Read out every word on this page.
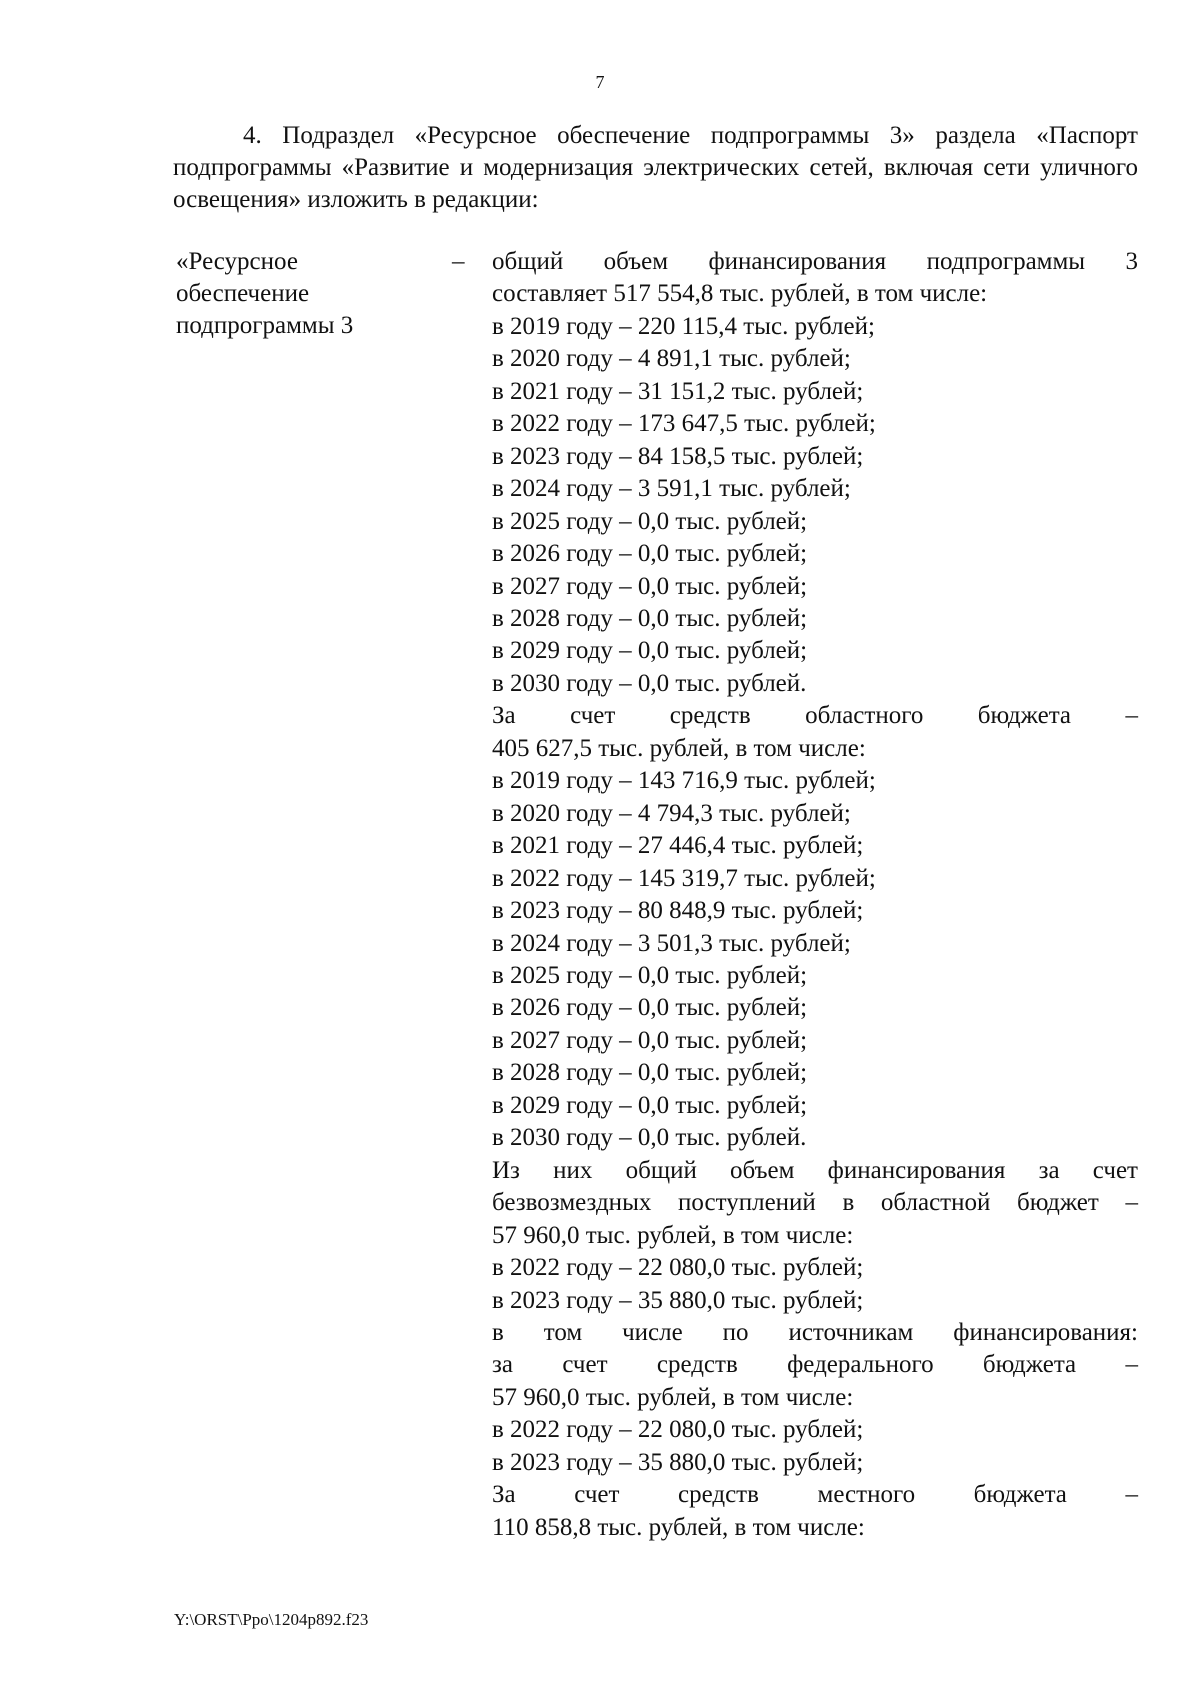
7
4. Подраздел «Ресурсное обеспечение подпрограммы 3» раздела «Паспорт подпрограммы «Развитие и модернизация электрических сетей, включая сети уличного освещения» изложить в редакции:
«Ресурсное
обеспечение
подпрограммы 3
–	общий объем финансирования подпрограммы 3
составляет 517 554,8 тыс. рублей, в том числе:
в 2019 году – 220 115,4 тыс. рублей;
в 2020 году – 4 891,1 тыс. рублей;
в 2021 году – 31 151,2 тыс. рублей;
в 2022 году – 173 647,5 тыс. рублей;
в 2023 году – 84 158,5 тыс. рублей;
в 2024 году – 3 591,1 тыс. рублей;
в 2025 году – 0,0 тыс. рублей;
в 2026 году – 0,0 тыс. рублей;
в 2027 году – 0,0 тыс. рублей;
в 2028 году – 0,0 тыс. рублей;
в 2029 году – 0,0 тыс. рублей;
в 2030 году – 0,0 тыс. рублей.
За счет средств областного бюджета –
405 627,5 тыс. рублей, в том числе:
в 2019 году – 143 716,9 тыс. рублей;
в 2020 году – 4 794,3 тыс. рублей;
в 2021 году – 27 446,4 тыс. рублей;
в 2022 году – 145 319,7 тыс. рублей;
в 2023 году – 80 848,9 тыс. рублей;
в 2024 году – 3 501,3 тыс. рублей;
в 2025 году – 0,0 тыс. рублей;
в 2026 году – 0,0 тыс. рублей;
в 2027 году – 0,0 тыс. рублей;
в 2028 году – 0,0 тыс. рублей;
в 2029 году – 0,0 тыс. рублей;
в 2030 году – 0,0 тыс. рублей.
Из них общий объем финансирования за счет
безвозмездных поступлений в областной бюджет –
57 960,0 тыс. рублей, в том числе:
в 2022 году – 22 080,0 тыс. рублей;
в 2023 году – 35 880,0 тыс. рублей;
в том числе по источникам финансирования:
за счет средств федерального бюджета –
57 960,0 тыс. рублей, в том числе:
в 2022 году – 22 080,0 тыс. рублей;
в 2023 году – 35 880,0 тыс. рублей;
За счет средств местного бюджета –
110 858,8 тыс. рублей, в том числе:
Y:\ORST\Ppo\1204p892.f23
